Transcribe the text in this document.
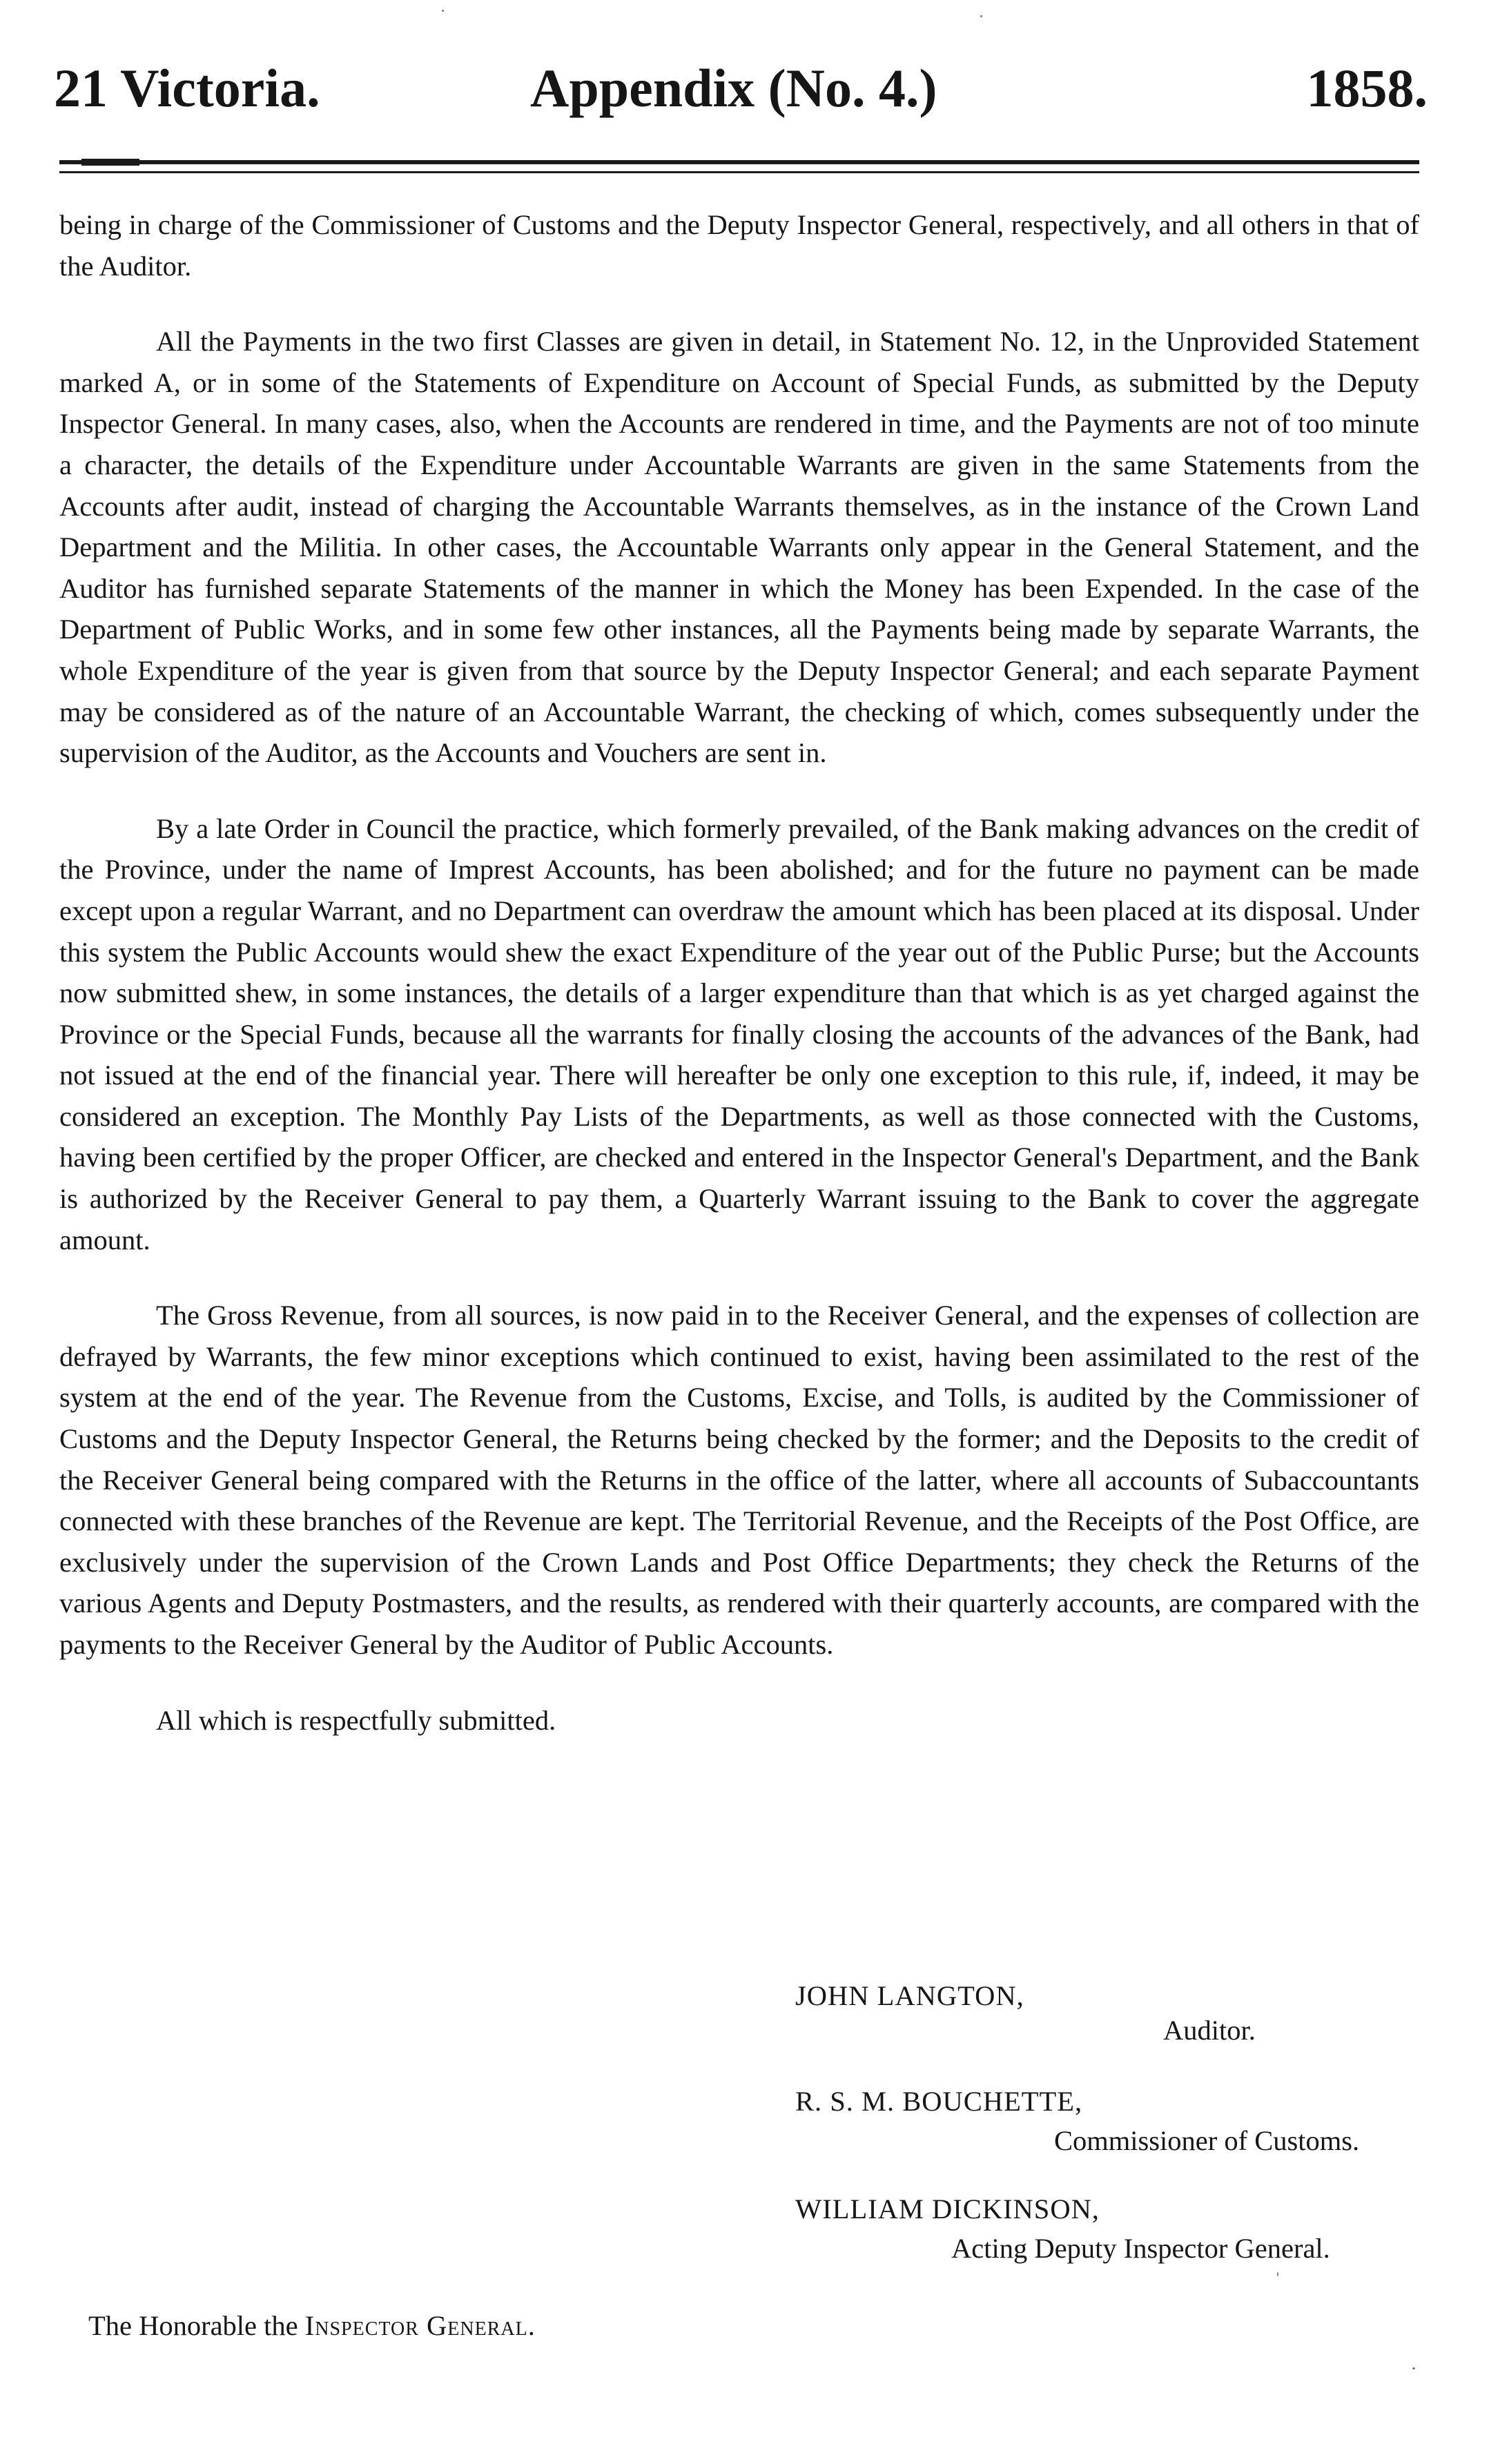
21 Victoria.	Appendix (No. 4.)	1858.

being in charge of the Commissioner of Customs and the Deputy Inspector General, respectively, and all others in that of the Auditor.

All the Payments in the two first Classes are given in detail, in Statement No. 12, in the Unprovided Statement marked A, or in some of the Statements of Expenditure on Account of Special Funds, as submitted by the Deputy Inspector General. In many cases, also, when the Accounts are rendered in time, and the Payments are not of too minute a character, the details of the Expenditure under Accountable Warrants are given in the same Statements from the Accounts after audit, instead of charging the Accountable Warrants themselves, as in the instance of the Crown Land Department and the Militia. In other cases, the Accountable Warrants only appear in the General Statement, and the Auditor has furnished separate Statements of the manner in which the Money has been Expended. In the case of the Department of Public Works, and in some few other instances, all the Payments being made by separate Warrants, the whole Expenditure of the year is given from that source by the Deputy Inspector General; and each separate Payment may be considered as of the nature of an Accountable Warrant, the checking of which, comes subsequently under the supervision of the Auditor, as the Accounts and Vouchers are sent in.

By a late Order in Council the practice, which formerly prevailed, of the Bank making advances on the credit of the Province, under the name of Imprest Accounts, has been abolished; and for the future no payment can be made except upon a regular Warrant, and no Department can overdraw the amount which has been placed at its disposal. Under this system the Public Accounts would shew the exact Expenditure of the year out of the Public Purse; but the Accounts now submitted shew, in some instances, the details of a larger expenditure than that which is as yet charged against the Province or the Special Funds, because all the warrants for finally closing the accounts of the advances of the Bank, had not issued at the end of the financial year. There will hereafter be only one exception to this rule, if, indeed, it may be considered an exception. The Monthly Pay Lists of the Departments, as well as those connected with the Customs, having been certified by the proper Officer, are checked and entered in the Inspector General's Department, and the Bank is authorized by the Receiver General to pay them, a Quarterly Warrant issuing to the Bank to cover the aggregate amount.

The Gross Revenue, from all sources, is now paid in to the Receiver General, and the expenses of collection are defrayed by Warrants, the few minor exceptions which continued to exist, having been assimilated to the rest of the system at the end of the year. The Revenue from the Customs, Excise, and Tolls, is audited by the Commissioner of Customs and the Deputy Inspector General, the Returns being checked by the former; and the Deposits to the credit of the Receiver General being compared with the Returns in the office of the latter, where all accounts of Subaccountants connected with these branches of the Revenue are kept. The Territorial Revenue, and the Receipts of the Post Office, are exclusively under the supervision of the Crown Lands and Post Office Departments; they check the Returns of the various Agents and Deputy Postmasters, and the results, as rendered with their quarterly accounts, are compared with the payments to the Receiver General by the Auditor of Public Accounts.

All which is respectfully submitted.

JOHN LANGTON,
Auditor.
R. S. M. BOUCHETTE,
Commissioner of Customs.
WILLIAM DICKINSON,
Acting Deputy Inspector General.
The Honorable the Inspector General.
